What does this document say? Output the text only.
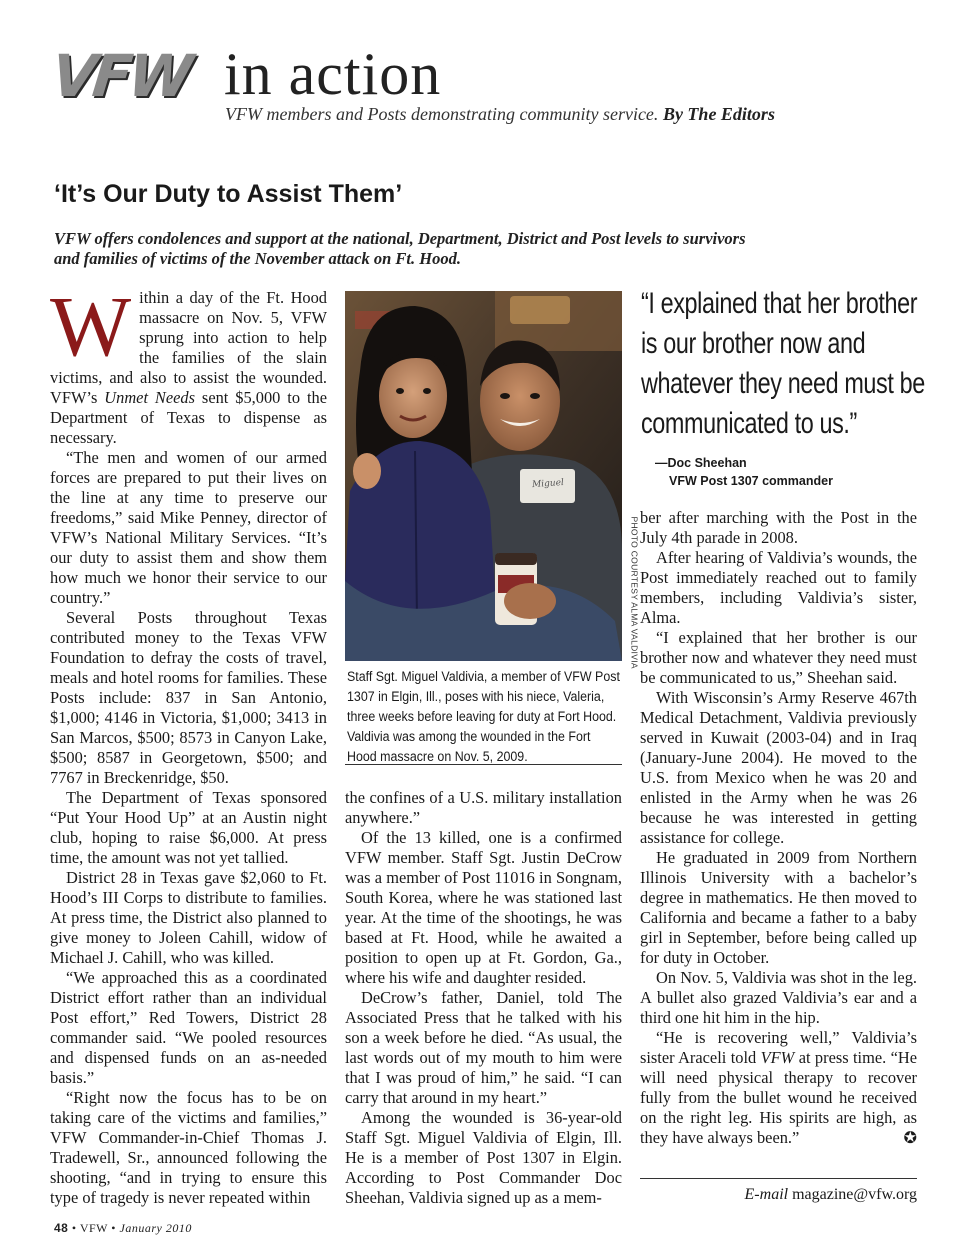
VFW in action
VFW members and Posts demonstrating community service. By The Editors
‘It’s Our Duty to Assist Them’
VFW offers condolences and support at the national, Department, District and Post levels to survivors and families of victims of the November attack on Ft. Hood.

Within a day of the Ft. Hood massacre on Nov. 5, VFW sprung into action to help the families of the slain victims, and also to assist the wounded. VFW’s Unmet Needs sent $5,000 to the Department of Texas to dispense as necessary.

“The men and women of our armed forces are prepared to put their lives on the line at any time to preserve our freedoms,” said Mike Penney, director of VFW’s National Military Services. “It’s our duty to assist them and show them how much we honor their service to our country.”

Several Posts throughout Texas contributed money to the Texas VFW Foundation to defray the costs of travel, meals and hotel rooms for families. These Posts include: 837 in San Antonio, $1,000; 4146 in Victoria, $1,000; 3413 in San Marcos, $500; 8573 in Canyon Lake, $500; 8587 in Georgetown, $500; and 7767 in Breckenridge, $50.

The Department of Texas sponsored “Put Your Hood Up” at an Austin night club, hoping to raise $6,000. At press time, the amount was not yet tallied.

District 28 in Texas gave $2,060 to Ft. Hood’s III Corps to distribute to families. At press time, the District also planned to give money to Joleen Cahill, widow of Michael J. Cahill, who was killed.

“We approached this as a coordinated District effort rather than an individual Post effort,” Red Towers, District 28 commander said. “We pooled resources and dispensed funds on an as-needed basis.”

“Right now the focus has to be on taking care of the victims and families,” VFW Commander-in-Chief Thomas J. Tradewell, Sr., announced following the shooting, “and in trying to ensure this type of tragedy is never repeated within

Miguel
PHOTO COURTESY ALMA VALDIVIA
Staff Sgt. Miguel Valdivia, a member of VFW Post 1307 in Elgin, Ill., poses with his niece, Valeria, three weeks before leaving for duty at Fort Hood. Valdivia was among the wounded in the Fort Hood massacre on Nov. 5, 2009.

the confines of a U.S. military installation anywhere.”

Of the 13 killed, one is a confirmed VFW member. Staff Sgt. Justin DeCrow was a member of Post 11016 in Songnam, South Korea, where he was stationed last year. At the time of the shootings, he was based at Ft. Hood, while he awaited a position to open up at Ft. Gordon, Ga., where his wife and daughter resided.

DeCrow’s father, Daniel, told The Associated Press that he talked with his son a week before he died. “As usual, the last words out of my mouth to him were that I was proud of him,” he said. “I can carry that around in my heart.”

Among the wounded is 36-year-old Staff Sgt. Miguel Valdivia of Elgin, Ill. He is a member of Post 1307 in Elgin. According to Post Commander Doc Sheehan, Valdivia signed up as a mem-

“I explained that her brother is our brother now and whatever they need must be communicated to us.”
—Doc Sheehan
VFW Post 1307 commander

ber after marching with the Post in the July 4th parade in 2008.

After hearing of Valdivia’s wounds, the Post immediately reached out to family members, including Valdivia’s sister, Alma.

“I explained that her brother is our brother now and whatever they need must be communicated to us,” Sheehan said.

With Wisconsin’s Army Reserve 467th Medical Detachment, Valdivia previously served in Kuwait (2003-04) and in Iraq (January-June 2004). He moved to the U.S. from Mexico when he was 20 and enlisted in the Army when he was 26 because he was interested in getting assistance for college.

He graduated in 2009 from Northern Illinois University with a bachelor’s degree in mathematics. He then moved to California and became a father to a baby girl in September, before being called up for duty in October.

On Nov. 5, Valdivia was shot in the leg. A bullet also grazed Valdivia’s ear and a third one hit him in the hip.

“He is recovering well,” Valdivia’s sister Araceli told VFW at press time. “He will need physical therapy to recover fully from the bullet wound he received on the right leg. His spirits are high, as they have always been.”	✪
E-mail magazine@vfw.org
48 • VFW • January 2010
